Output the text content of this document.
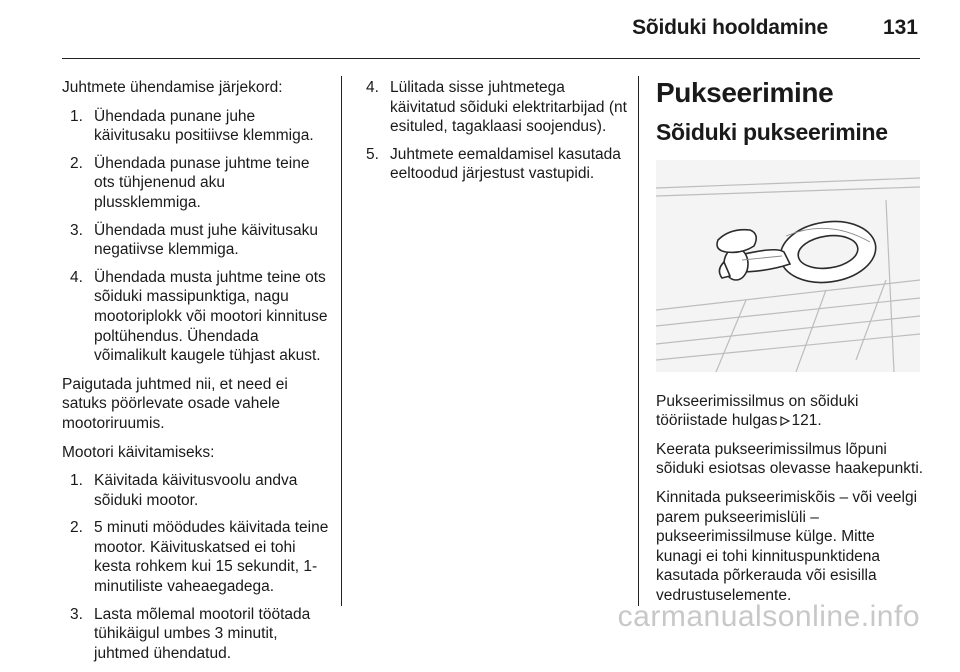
Sõiduki hooldamine	131

Juhtmete ühendamise järjekord:

1. Ühendada punane juhe käivitusaku positiivse klemmiga.
2. Ühendada punase juhtme teine ots tühjenenud aku plussklemmiga.
3. Ühendada must juhe käivitusaku negatiivse klemmiga.
4. Ühendada musta juhtme teine ots sõiduki massipunktiga, nagu mootoriplokk või mootori kinnituse poltühendus. Ühendada võimalikult kaugele tühjast akust.

Paigutada juhtmed nii, et need ei satuks pöörlevate osade vahele mootoriruumis.

Mootori käivitamiseks:

1. Käivitada käivitusvoolu andva sõiduki mootor.
2. 5 minuti möödudes käivitada teine mootor. Käivituskatsed ei tohi kesta rohkem kui 15 sekundit, 1-minutiliste vaheaegadega.
3. Lasta mõlemal mootoril töötada tühikäigul umbes 3 minutit, juhtmed ühendatud.
4. Lülitada sisse juhtmetega käivitatud sõiduki elektritarbijad (nt esituled, tagaklaasi soojendus).
5. Juhtmete eemaldamisel kasutada eeltoodud järjestust vastupidi.
Pukseerimine
Sõiduki pukseerimine

Pukseerimissilmus on sõiduki tööriistade hulgas 121.

Keerata pukseerimissilmus lõpuni sõiduki esiotsas olevasse haakepunkti.

Kinnitada pukseerimiskõis – või veelgi parem pukseerimislüli – pukseerimissilmuse külge. Mitte kunagi ei tohi kinnituspunktidena kasutada põrkerauda või esisilla vedrustuselemente.

carmanualsonline.info
